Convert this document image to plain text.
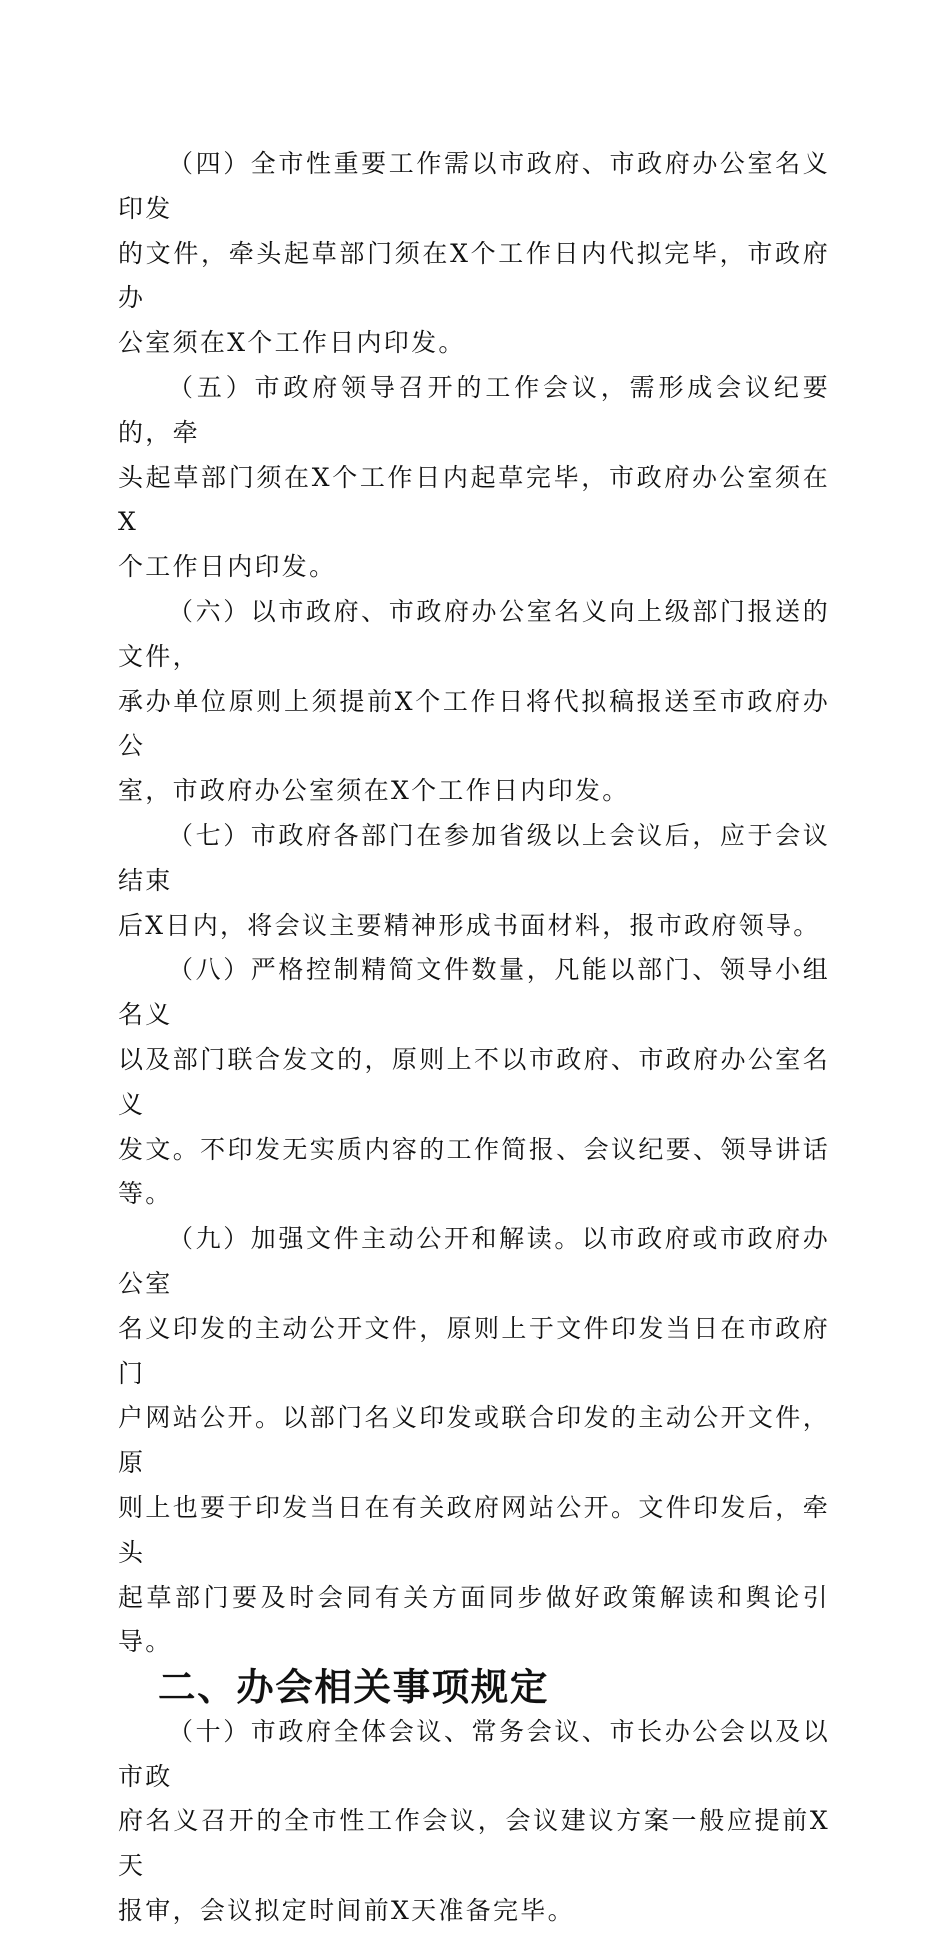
（四）全市性重要工作需以市政府、市政府办公室名义印发
的文件，牵头起草部门须在X个工作日内代拟完毕，市政府办
公室须在X个工作日内印发。

（五）市政府领导召开的工作会议，需形成会议纪要的，牵
头起草部门须在X个工作日内起草完毕，市政府办公室须在X
个工作日内印发。

（六）以市政府、市政府办公室名义向上级部门报送的文件，
承办单位原则上须提前X个工作日将代拟稿报送至市政府办公
室，市政府办公室须在X个工作日内印发。

（七）市政府各部门在参加省级以上会议后，应于会议结束
后X日内，将会议主要精神形成书面材料，报市政府领导。

（八）严格控制精简文件数量，凡能以部门、领导小组名义
以及部门联合发文的，原则上不以市政府、市政府办公室名义
发文。不印发无实质内容的工作简报、会议纪要、领导讲话等。

（九）加强文件主动公开和解读。以市政府或市政府办公室
名义印发的主动公开文件，原则上于文件印发当日在市政府门
户网站公开。以部门名义印发或联合印发的主动公开文件，原
则上也要于印发当日在有关政府网站公开。文件印发后，牵头
起草部门要及时会同有关方面同步做好政策解读和舆论引导。

二、办会相关事项规定

（十）市政府全体会议、常务会议、市长办公会以及以市政
府名义召开的全市性工作会议，会议建议方案一般应提前X天
报审，会议拟定时间前X天准备完毕。
